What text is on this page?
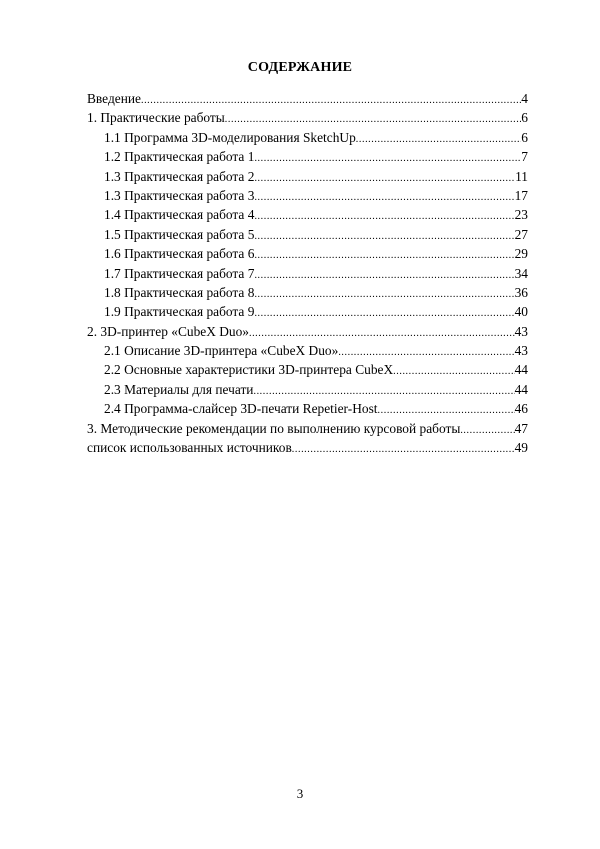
СОДЕРЖАНИЕ
Введение .....	4
1. Практические работы .....	6
1.1 Программа 3D-моделирования SketchUp .....	6
1.2 Практическая работа 1 .....	7
1.3 Практическая работа 2 .....	11
1.3 Практическая работа 3 .....	17
1.4 Практическая работа 4 .....	23
1.5 Практическая работа 5 .....	27
1.6 Практическая работа 6 .....	29
1.7 Практическая работа 7 .....	34
1.8 Практическая работа 8 .....	36
1.9 Практическая работа 9 .....	40
2. 3D-принтер «CubeX Duo» .....	43
2.1 Описание 3D-принтера «CubeX Duo» .....	43
2.2 Основные характеристики 3D-принтера CubeX .....	44
2.3 Материалы для печати .....	44
2.4 Программа-слайсер 3D-печати Repetier-Host .....	46
3. Методические рекомендации по выполнению курсовой работы .....	47
список использованных источников .....	49
3
